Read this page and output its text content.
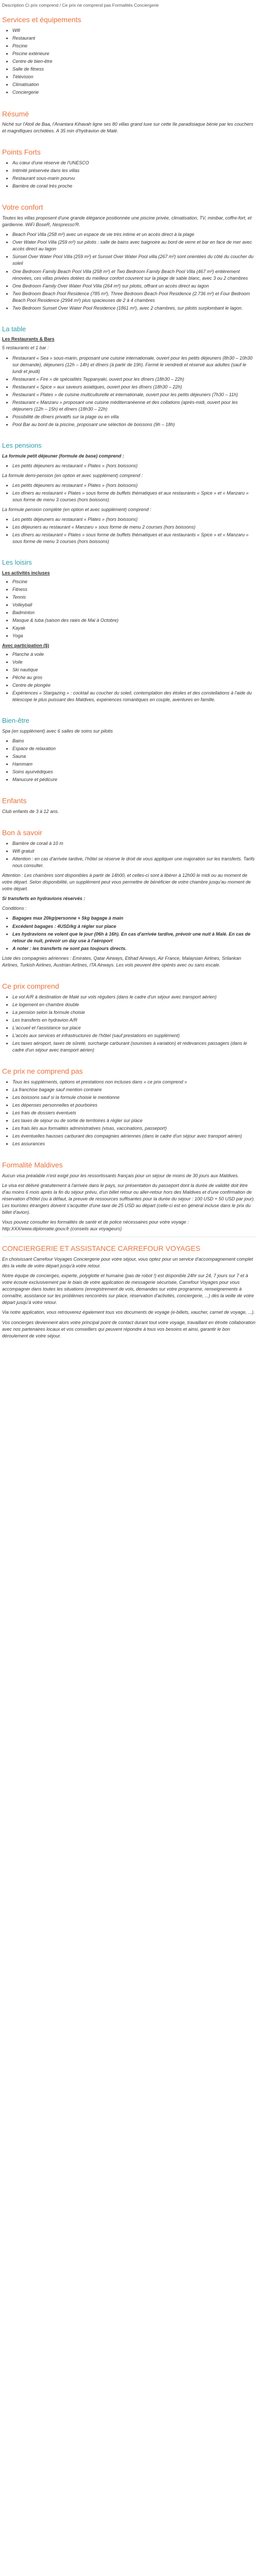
Description Ci prix comprend / Ce prix ne comprend pas Formalités Conciergerie
Services et équipements
• Wifi
• Restaurant
• Piscine
• Piscine extérieure
• Centre de bien-être
• Salle de fitness
• Télévision
• Climatisation
• Conciergerie
Résumé

Niché sur l'Atoll de Baa, l'Anantara Kihavah ligne ses 80 villas grand luxe sur cette île paradisiaque bénie par les couchers et magnifiques orchidées. A 35 min d'hydravion de Malé.

Points Forts
• Au cœur d'une réserve de l'UNESCO
• Intimité préservée dans les villas
• Restaurant sous-marin pourvu
• Barrière de corail très proche
Votre confort

Toutes les villas proposent d'une grande élégance positionnée une piscine privée, climatisation, TV, minibar, coffre-fort, et gardienne. WiFi BoseR, Nespresso'R.

• Beach Pool Villa (258 m²) avec un espace de vie très intime et un accès direct à la plage
• Over Water Pool Villa (259 m²) sur pilotis : salle de bains avec baignoire au bord de verre et bar en face de mer avec accès direct au lagon
• Sunset Over Water Pool Villa (259 m²) et Sunset Over Water Pool villa (267 m²) sont orientées du côté du coucher du soleil
• One Bedroom Family Beach Pool Villa (258 m²) et Two Bedroom Family Beach Pool Villa (467 m²) entièrement rénovées, ces villas privées dotées du meilleur confort couvrent sur la plage de sable blanc, avec 3 ou 2 chambres
• One Bedroom Family Over Water Pool Villa (264 m²) sur pilotis, offrant un accès direct au lagon
• Two Bedroom Beach Pool Residence (785 m²), Three Bedroom Beach Pool Residence (2.736 m²) et Four Bedroom Beach Pool Residence (2994 m²) plus spacieuses de 2 à 4 chambres
• Two Bedroom Sunset Over Water Pool Residence (1861 m²), avec 2 chambres, sur pilotis surplombant le lagon.
La table
Les Restaurants & Bars

5 restaurants et 1 bar :

• Restaurant « Sea » sous-marin, proposant une cuisine internationale, ouvert pour les petits déjeuners (8h30 – 10h30 sur demande), déjeuners (12h – 14h) et dîners (à partir de 19h). Fermé le vendredi et réservé aux adultes (sauf le lundi et jeudi)
• Restaurant « Fire » de spécialités Teppanyaki, ouvert pour les dîners (18h30 – 22h)
• Restaurant « Spice » aux saveurs asiatiques, ouvert pour les dîners (18h30 – 22h)
• Restaurant « Plates » de cuisine multiculturelle et internationale, ouvert pour les petits déjeuners (7h30 – 11h)
• Restaurant « Manzaru » proposant une cuisine méditerranéenne et des collations (après-midi, ouvert pour les déjeuners (12h – 15h) et dîners (18h30 – 22h)
• Possibilité de dîners privatifs sur la plage ou en villa
• Pool Bar au bord de la piscine, proposant une sélection de boissons (9h – 18h)
Les pensions

La formule petit déjeuner (formule de base) comprend :

• Les petits déjeuners au restaurant « Plates » (hors boissons)

La formule demi-pension (en option et avec supplément) comprend :

• Les petits déjeuners au restaurant « Plates » (hors boissons)
• Les dîners au restaurant « Plates » sous forme de buffets thématiques et aux restaurants « Spice » et « Manzaru » sous forme de menu 3 courses (hors boissons)

La formule pension complète (en option et avec supplément) comprend :

• Les petits déjeuners au restaurant « Plates » (hors boissons)
• Les déjeuners au restaurant « Manzaru » sous forme de menu 2 courses (hors boissons)
• Les dîners au restaurant « Plates » sous forme de buffets thématiques et aux restaurants « Spice » et « Manzaru » sous forme de menu 3 courses (hors boissons)
Les loisirs
Les activités incluses
• Piscine
• Fitness
• Tennis
• Volleyball
• Badminton
• Masque & tuba (saison des raies de Mai à Octobre)
• Kayak
• Yoga
Avec participation ($)
• Planche à voile
• Voile
• Ski nautique
• Pêche au gros
• Centre de plongée
• Expériences « Stargazing » : cocktail au coucher du soleil, contemplation des étoiles et des constellations à l'aide du télescope le plus puissant des Maldives, expériences romantiques en couple, aventures en famille.
Bien-être

Spa (en supplément) avec 6 salles de soins sur pilotis

• Bains
• Espace de relaxation
• Sauna
• Hammam
• Soins ayurvédiques
• Manucure et pédicure
Enfants

Club enfants de 3 à 12 ans.

Bon à savoir
• Barrière de corail à 10 m
• Wifi gratuit
• Attention : en cas d'arrivée tardive, l'hôtel se réserve le droit de vous appliquer une majoration sur les transferts. Tarifs nous consulter.

Attention : Les chambres sont disponibles à partir de 14h00, et celles-ci sont à libérer à 12h00 le midi ou au moment de votre départ. Selon disponibilité, un supplément peut vous permettre de bénéficier de votre chambre jusqu'au moment de votre départ.

Si transferts en hydravions réservés :

Conditions :

• Bagages max 20kg/personne + 5kg bagage à main
• Excédent bagages : 4USD/kg à régler sur place
• Les hydravions ne volent que le jour (06h à 16h). En cas d'arrivée tardive, prévoir une nuit à Malé. En cas de retour de nuit, prévoir un day use à l'aéroport
• A noter : les transferts ne sont pas toujours directs.

Liste des compagnies aériennes : Emirates, Qatar Airways, Etihad Airways, Air France, Malaysian Airlines, Srilankan Airlines, Turkish Airlines, Austrian Airlines, ITA Airways. Les vols peuvent être opérés avec ou sans escale.

Ce prix comprend
• Le vol A/R à destination de Malé sur vols réguliers (dans le cadre d'un séjour avec transport aérien)
• Le logement en chambre double
• La pension selon la formule choisie
• Les transferts en hydravion A/R
• L'accueil et l'assistance sur place
• L'accès aux services et infrastructures de l'hôtel (sauf prestations en supplément)
• Les taxes aéroport, taxes de sûreté, surcharge carburant (soumises à variation) et redevances passagers (dans le cadre d'un séjour avec transport aérien)
Ce prix ne comprend pas
• Tous les suppléments, options et prestations non incluses dans « ce prix comprend »
• La franchise bagage sauf mention contraire
• Les boissons sauf si la formule choisie le mentionne
• Les dépenses personnelles et pourboires
• Les frais de dossiers éventuels
• Les taxes de séjour ou de sortie de territoires à régler sur place
• Les frais liés aux formalités administratives (visas, vaccinations, passeport)
• Les éventuelles hausses carburant des compagnies aériennes (dans le cadre d'un séjour avec transport aérien)
• Les assurances
Formalité Maldives

Aucun visa préalable n'est exigé pour les ressortissants français pour un séjour de moins de 30 jours aux Maldives.

Le visa est délivré gratuitement à l'arrivée dans le pays, sur présentation du passeport dont la durée de validité doit être d'au moins 6 mois après la fin du séjour prévu, d'un billet retour ou aller-retour hors des Maldives et d'une confirmation de réservation d'hôtel (ou à défaut, la preuve de ressources suffisantes pour la durée du séjour : 100 USD + 50 USD par jour). Les touristes étrangers doivent s'acquitter d'une taxe de 25 USD au départ (celle-ci est en général incluse dans le prix du billet d'avion).

Vous pouvez consulter les formalités de santé et de police nécessaires pour votre voyage : http:XXX/www.diplomatie.gouv.fr (conseils aux voyageurs)

CONCIERGERIE ET ASSISTANCE CARREFOUR VOYAGES

En choisissant Carrefour Voyages Conciergerie pour votre séjour, vous optez pour un service d'accompagnement complet dès la veille de votre départ jusqu'à votre retour.

Notre équipe de concierges, experte, polyglotte et humaine (pas de robot !) est disponible 24hr sur 24, 7 jours sur 7 et à votre écoute exclusivement par le biais de votre application de messagerie sécurisée, Carrefour Voyages pour vous accompagner dans toutes les situations (enregistrement de vols, demandes sur votre programme, renseignements à connaître, assistance sur les problèmes rencontrés sur place, réservation d'activités, conciergerie, ...) dès la veille de votre départ jusqu'à votre retour.

Via notre application, vous retrouverez également tous vos documents de voyage (e-billets, vaucher, carnet de voyage, ...).

Vos concierges deviennent alors votre principal point de contact durant tout votre voyage, travaillant en étroite collaboration avec nos partenaires locaux et vos conseillers qui peuvent répondre à tous vos besoins et ainsi, garantir le bon déroulement de votre séjour.
